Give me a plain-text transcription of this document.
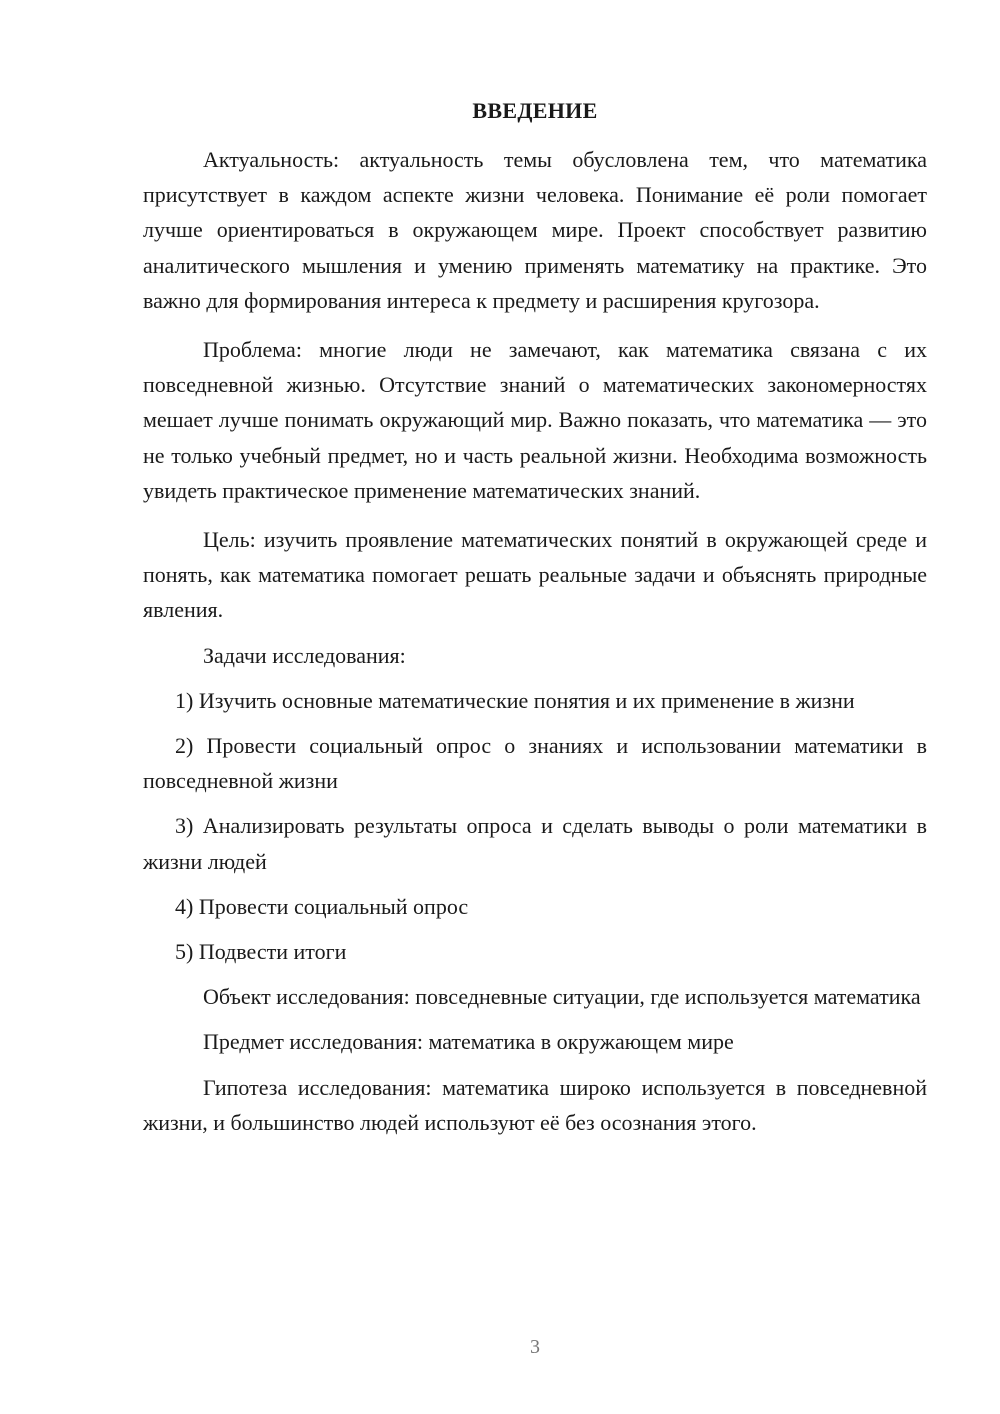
ВВЕДЕНИЕ

Актуальность: актуальность темы обусловлена тем, что математика присутствует в каждом аспекте жизни человека. Понимание её роли помогает лучше ориентироваться в окружающем мире. Проект способствует развитию аналитического мышления и умению применять математику на практике. Это важно для формирования интереса к предмету и расширения кругозора.

Проблема: многие люди не замечают, как математика связана с их повседневной жизнью. Отсутствие знаний о математических закономерностях мешает лучше понимать окружающий мир. Важно показать, что математика — это не только учебный предмет, но и часть реальной жизни. Необходима возможность увидеть практическое применение математических знаний.

Цель: изучить проявление математических понятий в окружающей среде и понять, как математика помогает решать реальные задачи и объяснять природные явления.

Задачи исследования:

1) Изучить основные математические понятия и их применение в жизни

2) Провести социальный опрос о знаниях и использовании математики в повседневной жизни

3) Анализировать результаты опроса и сделать выводы о роли математики в жизни людей

4) Провести социальный опрос

5) Подвести итоги

Объект исследования: повседневные ситуации, где используется математика

Предмет исследования: математика в окружающем мире

Гипотеза исследования: математика широко используется в повседневной жизни, и большинство людей используют её без осознания этого.

3
